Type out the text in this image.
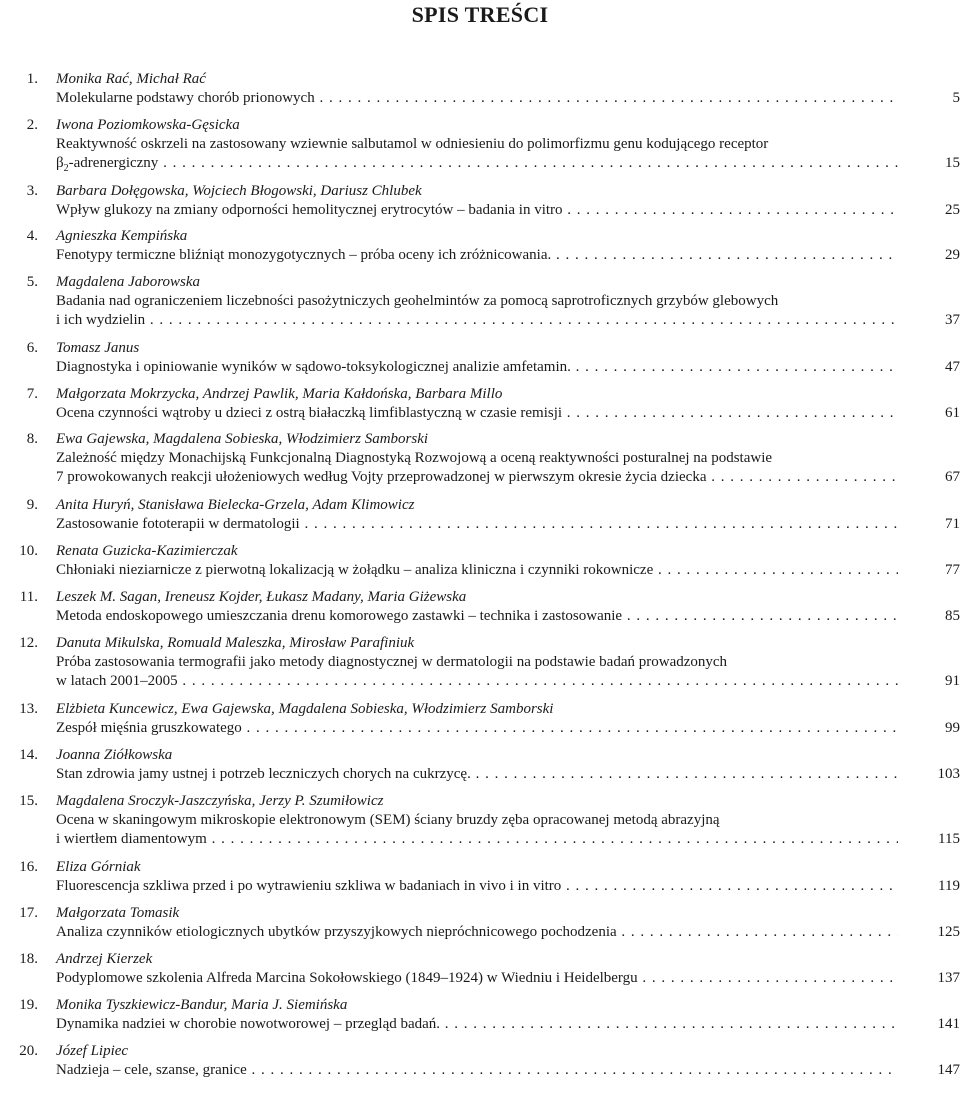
SPIS TREŚCI
1. Monika Rać, Michał Rać
Molekularne podstawy chorób prionowych . . .	5
2. Iwona Poziomkowska-Gęsicka
Reaktywność oskrzeli na zastosowany wziewnie salbutamol w odniesieniu do polimorfizmu genu kodującego receptor
$\beta_2$-adrenergiczny . . .	15
3. Barbara Dołęgowska, Wojciech Błogowski, Dariusz Chlubek
Wpływ glukozy na zmiany odporności hemolitycznej erytrocytów – badania in vitro . . .	25
4. Agnieszka Kempińska
Fenotypy termiczne bliźniąt monozygotycznych – próba oceny ich zróżnicowania. . . .	29
5. Magdalena Jaborowska
Badania nad ograniczeniem liczebności pasożytniczych geohelmintów za pomocą saprotroficznych grzybów glebowych
i ich wydzielin . . .	37
6. Tomasz Janus
Diagnostyka i opiniowanie wyników w sądowo-toksykologicznej analizie amfetamin. . . .	47
7. Małgorzata Mokrzycka, Andrzej Pawlik, Maria Kałdońska, Barbara Millo
Ocena czynności wątroby u dzieci z ostrą białaczką limfiblastyczną w czasie remisji . . .	61
8. Ewa Gajewska, Magdalena Sobieska, Włodzimierz Samborski
Zależność między Monachijską Funkcjonalną Diagnostyką Rozwojową a oceną reaktywności posturalnej na podstawie
7 prowokowanych reakcji ułożeniowych według Vojty przeprowadzonej w pierwszym okresie życia dziecka . . .	67
9. Anita Huryń, Stanisława Bielecka-Grzela, Adam Klimowicz
Zastosowanie fototerapii w dermatologii . . .	71
10. Renata Guzicka-Kazimierczak
Chłoniaki nieziarnicze z pierwotną lokalizacją w żołądku – analiza kliniczna i czynniki rokownicze . . .	77
11. Leszek M. Sagan, Ireneusz Kojder, Łukasz Madany, Maria Giżewska
Metoda endoskopowego umieszczania drenu komorowego zastawki – technika i zastosowanie . . .	85
12. Danuta Mikulska, Romuald Maleszka, Mirosław Parafiniuk
Próba zastosowania termografii jako metody diagnostycznej w dermatologii na podstawie badań prowadzonych
w latach 2001–2005 . . .	91
13. Elżbieta Kuncewicz, Ewa Gajewska, Magdalena Sobieska, Włodzimierz Samborski
Zespół mięśnia gruszkowatego . . .	99
14. Joanna Ziółkowska
Stan zdrowia jamy ustnej i potrzeb leczniczych chorych na cukrzycę. . . .	103
15. Magdalena Sroczyk-Jaszczyńska, Jerzy P. Szumiłowicz
Ocena w skaningowym mikroskopie elektronowym (SEM) ściany bruzdy zęba opracowanej metodą abrazyjną
i wiertłem diamentowym . . .	115
16. Eliza Górniak
Fluorescencja szkliwa przed i po wytrawieniu szkliwa w badaniach in vivo i in vitro . . .	119
17. Małgorzata Tomasik
Analiza czynników etiologicznych ubytków przyszyjkowych niepróchnicowego pochodzenia . . .	125
18. Andrzej Kierzek
Podyplomowe szkolenia Alfreda Marcina Sokołowskiego (1849–1924) w Wiedniu i Heidelbergu . . .	137
19. Monika Tyszkiewicz-Bandur, Maria J. Siemińska
Dynamika nadziei w chorobie nowotworowej – przegląd badań. . . .	141
20. Józef Lipiec
Nadzieja – cele, szanse, granice . . .	147
